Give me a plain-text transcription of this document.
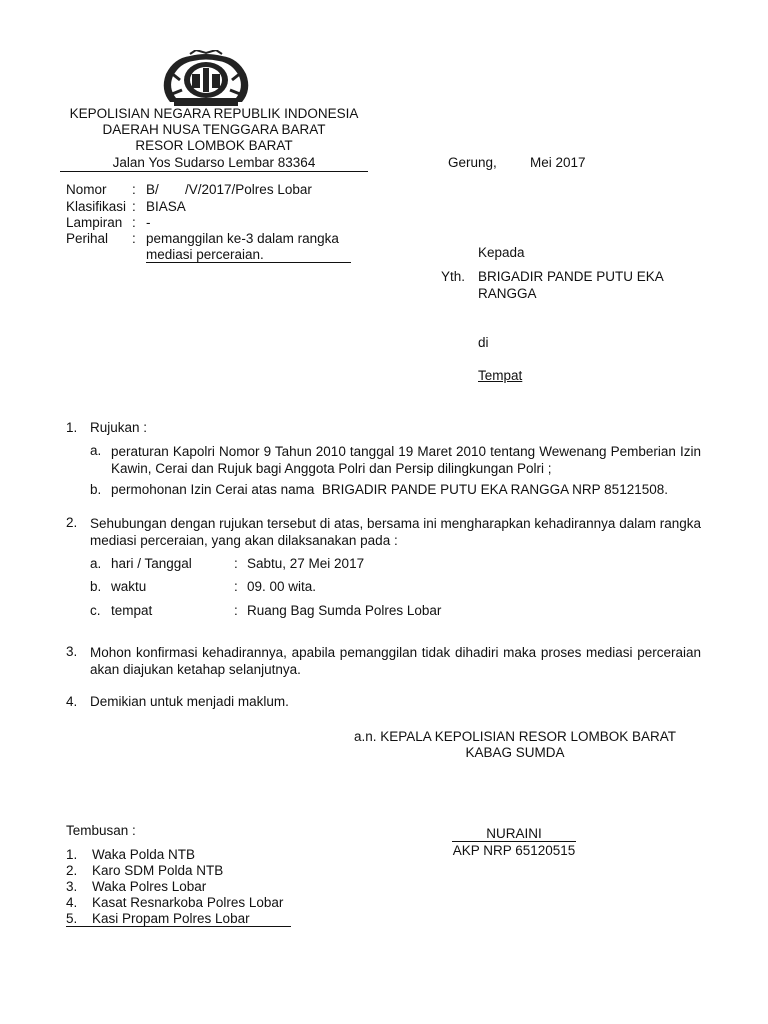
KEPOLISIAN NEGARA REPUBLIK INDONESIA
DAERAH NUSA TENGGARA BARAT
RESOR LOMBOK BARAT
Jalan Yos Sudarso Lembar 83364	Gerung, Mei 2017
Nomor : B/       /V/2017/Polres Lobar
Klasifikasi : BIASA
Lampiran : -
Perihal : pemanggilan ke-3 dalam rangka
mediasi perceraian.	Kepada
Yth. BRIGADIR PANDE PUTU EKA
RANGGA
di
Tempat
1. Rujukan :
a. peraturan Kapolri Nomor 9 Tahun 2010 tanggal 19 Maret 2010 tentang Wewenang Pemberian Izin Kawin, Cerai dan Rujuk bagi Anggota Polri dan Persip dilingkungan Polri ;
b. permohonan Izin Cerai atas nama  BRIGADIR PANDE PUTU EKA RANGGA NRP 85121508.
2. Sehubungan dengan rujukan tersebut di atas, bersama ini mengharapkan kehadirannya dalam rangka mediasi perceraian, yang akan dilaksanakan pada :
a. hari / Tanggal	: Sabtu, 27 Mei 2017
b. waktu	: 09. 00 wita.
c. tempat	: Ruang Bag Sumda Polres Lobar
3. Mohon konfirmasi kehadirannya, apabila pemanggilan tidak dihadiri maka proses mediasi perceraian akan diajukan ketahap selanjutnya.
4. Demikian untuk menjadi maklum.
a.n. KEPALA KEPOLISIAN RESOR LOMBOK BARAT
KABAG SUMDA
NURAINI
AKP NRP 65120515
Tembusan :
1. Waka Polda NTB
2. Karo SDM Polda NTB
3. Waka Polres Lobar
4. Kasat Resnarkoba Polres Lobar
5. Kasi Propam Polres Lobar
